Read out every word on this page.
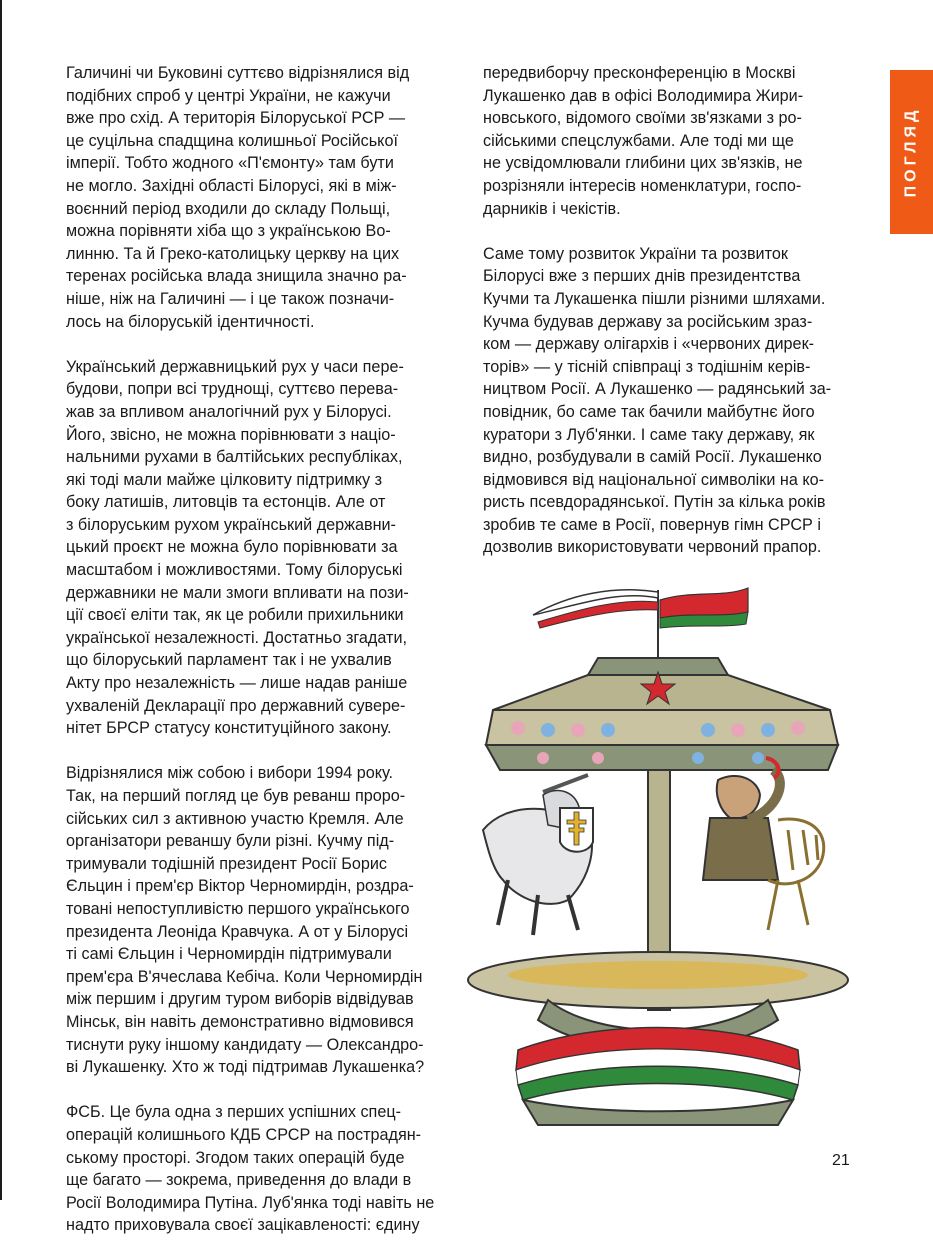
Галичині чи Буковині суттєво відрізнялися від
подібних спроб у центрі України, не кажучи
вже про схід. А територія Білоруської РСР —
це суцільна спадщина колишньої Російської
імперії. Тобто жодного «П'ємонту» там бути
не могло. Західні області Білорусі, які в між-
воєнний період входили до складу Польщі,
можна порівняти хіба що з українською Во-
линню. Та й Греко-католицьку церкву на цих
теренах російська влада знищила значно ра-
ніше, ніж на Галичині — і це також позначи-
лось на білоруській ідентичності.

Український державницький рух у часи пере-
будови, попри всі труднощі, суттєво перева-
жав за впливом аналогічний рух у Білорусі.
Його, звісно, не можна порівнювати з націо-
нальними рухами в балтійських республіках,
які тоді мали майже цілковиту підтримку з
боку латишів, литовців та естонців. Але от
з білоруським рухом український державни-
цький проєкт не можна було порівнювати за
масштабом і можливостями. Тому білоруські
державники не мали змоги впливати на пози-
ції своєї еліти так, як це робили прихильники
української незалежності. Достатньо згадати,
що білоруський парламент так і не ухвалив
Акту про незалежність — лише надав раніше
ухваленій Декларації про державний сувере-
нітет БРСР статусу конституційного закону.

Відрізнялися між собою і вибори 1994 року.
Так, на перший погляд це був реванш проро-
сійських сил з активною участю Кремля. Але
організатори реваншу були різні. Кучму під-
тримували тодішній президент Росії Борис
Єльцин і прем'єр Віктор Черномирдін, роздра-
товані непоступливістю першого українського
президента Леоніда Кравчука. А от у Білорусі
ті самі Єльцин і Черномирдін підтримували
прем'єра В'ячеслава Кебіча. Коли Черномирдін
між першим і другим туром виборів відвідував
Мінськ, він навіть демонстративно відмовився
тиснути руку іншому кандидату — Олександро-
ві Лукашенку. Хто ж тоді підтримав Лукашенка?

ФСБ. Це була одна з перших успішних спец-
операцій колишнього КДБ СРСР на пострадян-
ському просторі. Згодом таких операцій буде
ще багато — зокрема, приведення до влади в
Росії Володимира Путіна. Луб'янка тоді навіть не
надто приховувала своєї зацікавленості: єдину

передвиборчу пресконференцію в Москві
Лукашенко дав в офісі Володимира Жири-
новського, відомого своїми зв'язками з ро-
сійськими спецслужбами. Але тоді ми ще
не усвідомлювали глибини цих зв'язків, не
розрізняли інтересів номенклатури, госпо-
дарників і чекістів.

Саме тому розвиток України та розвиток
Білорусі вже з перших днів президентства
Кучми та Лукашенка пішли різними шляхами.
Кучма будував державу за російським зраз-
ком — державу олігархів і «червоних дирек-
торів» — у тісній співпраці з тодішнім керів-
ництвом Росії. А Лукашенко — радянський за-
повідник, бо саме так бачили майбутнє його
куратори з Луб'янки. І саме таку державу, як
видно, розбудували в самій Росії. Лукашенко
відмовився від національної символіки на ко-
ристь псевдорадянської. Путін за кілька років
зробив те саме в Росії, повернув гімн СРСР і
дозволив використовувати червоний прапор.

ПОГЛЯД
21
